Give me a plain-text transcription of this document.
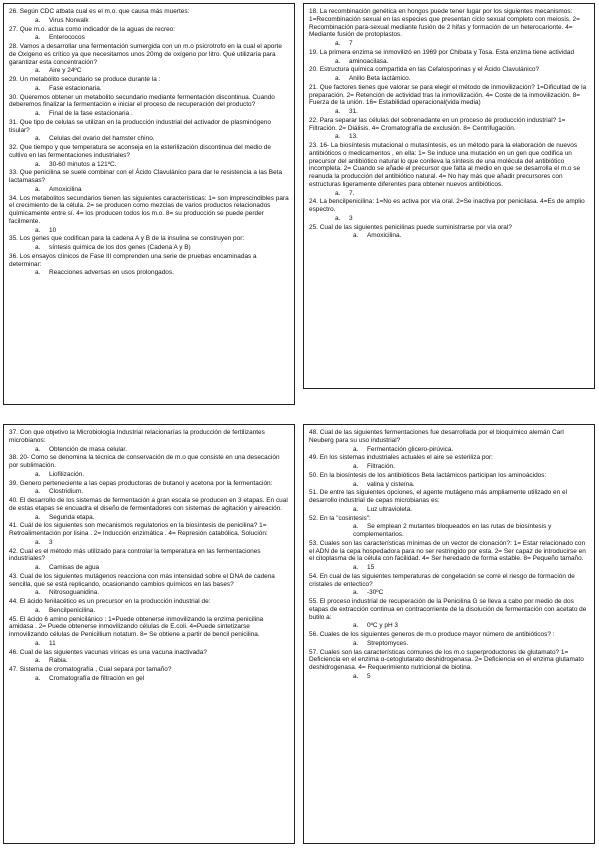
26. Según CDC atbata cual es el m.o. que causa más muertes:
a. Virus Norwalk
27. Que m.o. actua como indicador de la aguas de recreo:
a. Enterococos
28. Vamos a desarrollar una fermentación sumergida con un m.o psicrotrofo en la cual el aporte de Oxígeno es crítico ya que necesitamos unos 20mg de oxígeno por litro. Qué utilizaría para garantizar esta concentración?
a. Aire y 24ºC
29. Un metabolito secundario se produce durante la :
a. Fase estacionaria.
30. Queremos obtener un metabolito secundario mediante fermentación discontinua. Cuando deberemos finalizar la fermentación e iniciar el proceso de recuperación del producto?
a. Final de la fase estacionaria .
31. Que tipo de celulas se utilizan en la producción industrial del activador de plasminógeno tisular?
a. Celulas del ovario del hamster chino.
32. Que tiempo y que temperatura se aconseja en la esterilización discontinua del medio de cultivo en las fermentaciones industriales?
a. 30-60 minutos a 121ºC.
33. Que penicilina se suele combinar con el Ácido Clavulánico para dar le resistencia a las Beta lactamasas?
a. Amoxicilina
34. Los metabolitos secundarios tienen las siguientes características: 1= son imprescindibles para el crecimiento de la célula. 2= se producen como mezclas de varios productos relacionados químicamente entre sí. 4= los producen todos los m.o. 8= su producción se puede perder facilmente.
a. 10
35. Los genes que codifican para la cadena A y B de la insulina se construyen por:
a. síntesis química de los dos genes (Cadena A y B)
36. Los ensayos clínicos de Fase III comprenden una serie de pruebas encaminadas a determinar:
a. Reacciones adversas en usos prolongados.
18. La recombinación genética en hongos puede tener lugar por los siguientes mecanismos: 1=Recombinación sexual en las especies que presentan ciclo sexual completo con meiosis. 2= Recombinación para-sexual mediante fusión de 2 hifas y formación de un heterocarionte. 4= Mediante fusión de protoplastos.
a. 7
19. La primera enzima se inmovilizó en 1969 por Chibata y Tosa. Esta enzima tiene actividad
a. aminoacilasa.
20. Estructura química compartida en las Cefalosporinas y el Ácido Clavulánico?
a. Anillo Beta lactámico.
21. Que factores tienes que valorar se para elegir el método de inmovilización? 1=Dificultad de la preparación. 2= Retención de actividad tras la inmovilización. 4= Coste de la inmovilización. 8= Fuerza de la unión. 16= Estabilidad operacional(vida media)
a. 31.
22. Para separar las células del sobrenadante en un proceso de producción industrial? 1= Filtración. 2= Diálisis. 4= Cromatografía de exclusión. 8= Centrifugación.
a. 13.
23. 16- La biosíntesis mutacional o mutasíntesis, es un método para la elaboración de nuevos antibióticos o medicamentos , en ella: 1= Se induce una mutación en un gen que codifica un precursor del antibiótico natural lo que conlleva la síntesis de una molécula del antibiótico incompleta. 2= Cuando se añade el precursor que falta al medio en que se desarrolla el m.o se reanuda la producción del antibiótico natural. 4= No hay más que añadir precursores con estructuras ligeramente diferentes para obtener nuevos antibióticos.
a. 7.
24. La bencilpenicilina: 1=No es activa por vía oral. 2=Se inactiva por penicilasa. 4=Es de amplio espectro.
a. 3
25. Cual de las siguientes penicilinas puede suministrarse por vía oral?
a. Amoxicilina.
37. Con que objetivo la Microbiología Industrial relacionarías la producción de fertilizantes microbianos:
a. Obtención de masa celular.
38. 20- Como se denomina la técnica de conservación de m.o que consiste en una desecación por sublimación.
a. Liofilización.
39. Genero perteneciente a las cepas productoras de butanol y acetona por la fermentación:
a. Clostridium.
40. El desarrollo de los sistemas de fermentación a gran escala se producen en 3 etapas. En cual de estas etapas se encuadra el diseño de fermentadores con sistemas de agitación y aireación.
a. Segunda etapa.
41. Cuál de los siguientes son mecanismos regulatorios en la biosíntesis de penicilina? 1= Retroalimentación por lisina . 2= Inducción enzimática . 4= Represión catabólica. Solución:
a. 3
42. Cual es el método más utilizado para controlar la temperatura en las fermentaciones industriales?
a. Camisas de agua
43. Cual de los siguientes mutágenos reacciona con más intensidad sobre el DNA de cadena sencilla, que se está replicando, ocasionando cambios químicos en las bases?
a. Nitrosoguanidina.
44. El ácido fenilacético es un precursor en la producción industrial de:
a. Bencilpenicilina.
45. El ácido 6 amino penicilánico : 1=Puede obtenerse inmovilizando la enzima penicilina amidasa . 2= Puede obtenerse inmovilizando células de E.coli. 4=Puede sintetizarse inmovilizando células de Penicillium notatum. 8= Se obtiene a partir de bencil penicilina.
a. 11
46. Cual de las siguientes vacunas víricas es una vacuna inactivada?
a. Rabia.
47. Sistema de cromatografía , Cual separa por tamaño?
a. Cromatografía de filtración en gel
48. Cual de las siguientes fermentaciones fue desarrollada por el bioquímico alemán Carl Neuberg para su uso industrial?
a. Fermentación glicero-pirúvica.
49. En los sistemas industriales actuales el aire se esteriliza por:
a. Filtración.
50. En la biosíntesis de los antibióticos Beta lactámicos participan los aminoácidos:
a. valina y cisteína.
51. De entre las siguientes opciones, el agente mutágeno más ampliamente utilizado en el desarrollo industrial de cepas microbianas es:
a. Luz ultravioleta.
52. En la "cosintesis":
a. Se emplean 2 mutantes bloqueados en las rutas de biosíntesis y complementarios.
53. Cuales son las características mínimas de un vector de clonación?: 1= Estar relacionado con el ADN de la cepa hospedadora para no ser restringido por esta. 2= Ser capaz de introducirse en el citoplasma de la célula con facilidad. 4= Ser heredado de forma estable. 8= Pequeño tamaño.
a. 15
54. En cual de las siguientes temperaturas de congelación se corre el riesgo de formación de cristales de entectico?
a. -30ºC
55. El proceso industrial de recuperación de la Penicilina G se lleva a cabo por medio de dos etapas de extracción continua en contracorriente de la disolución de fermentación con acetato de butilo a:
a. 0ºC y pH 3
56. Cuales de los siguientes generos de m.o produce mayor número de antibióticos? :
a. Streptomyces.
57. Cuales son las características comunes de los m.o superproductores de glutamato? 1= Deficiencia en el enzima α-cetoglutarato deshidrogenasa. 2= Deficiencia en el enzima glutamato deshidrogenasa. 4= Requerimiento nutricional de biotina.
a. 5
